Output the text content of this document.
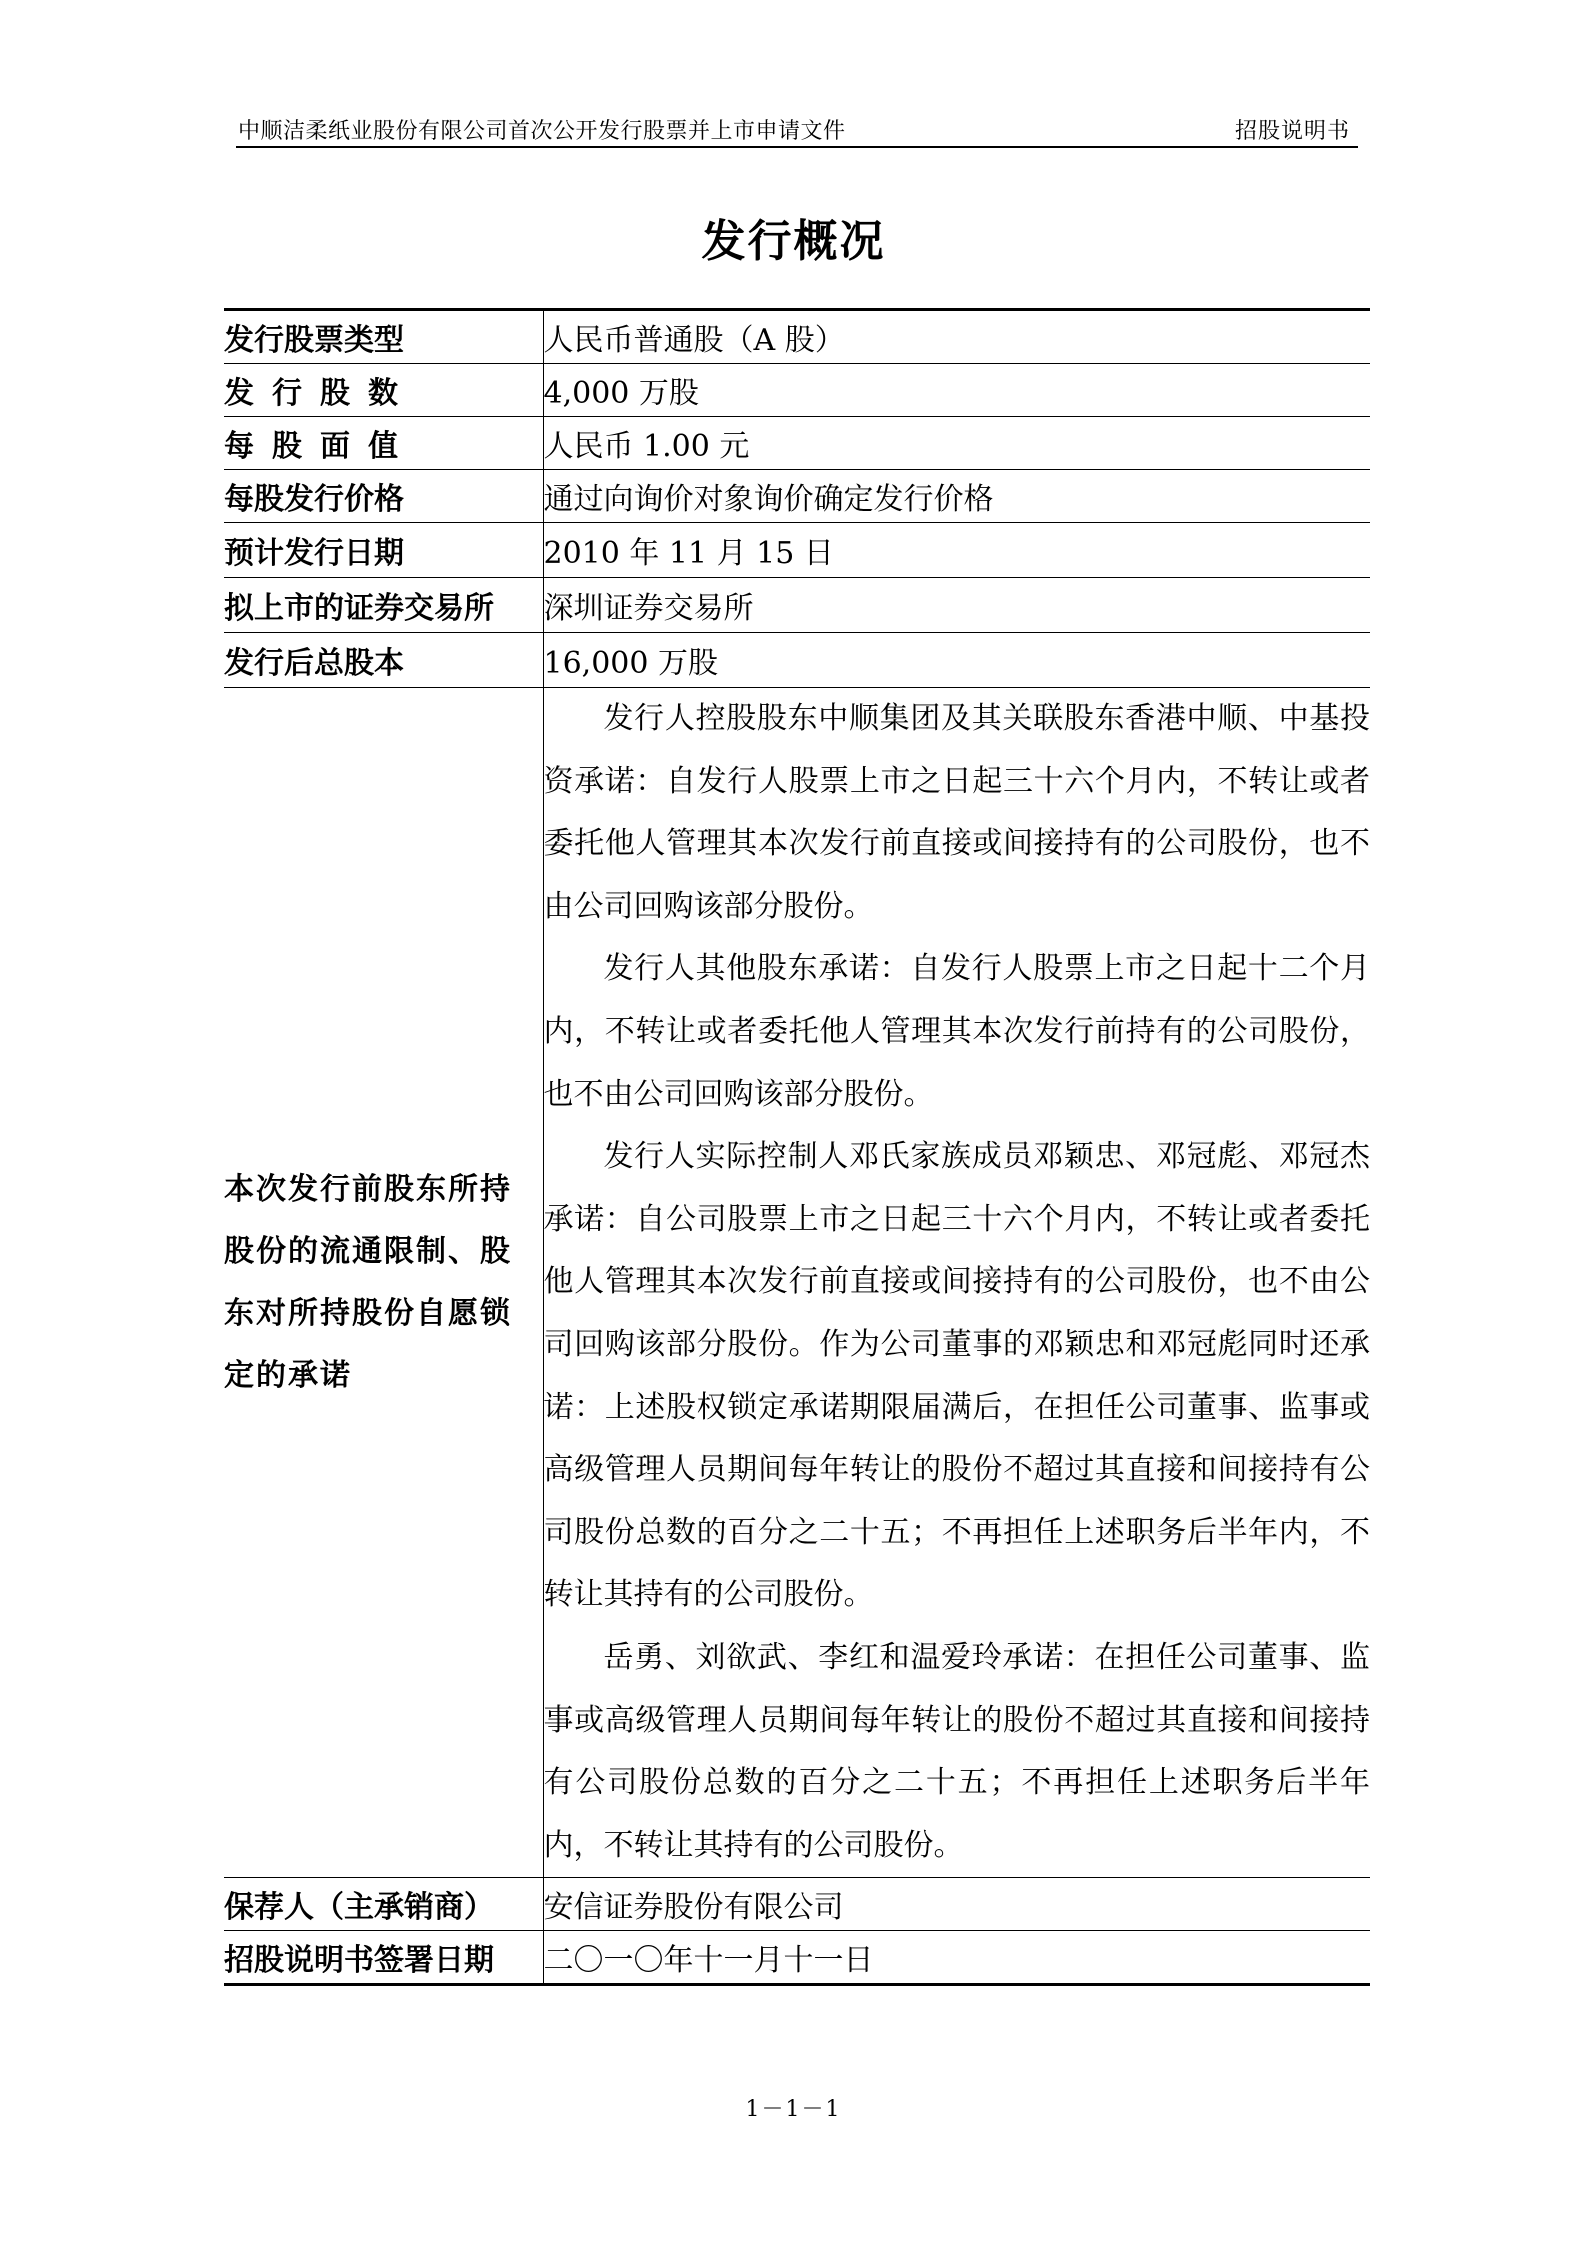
中顺洁柔纸业股份有限公司首次公开发行股票并上市申请文件	招股说明书
发行概况
发行股票类型	人民币普通股（A 股）
发行股数	4,000 万股
每股面值	人民币 1.00 元
每股发行价格	通过向询价对象询价确定发行价格
预计发行日期	2010 年 11 月 15 日
拟上市的证券交易所	深圳证券交易所
发行后总股本	16,000 万股
本次发行前股东所持股份的流通限制、股东对所持股份自愿锁定的承诺	发行人控股股东中顺集团及其关联股东香港中顺、中基投资承诺：自发行人股票上市之日起三十六个月内，不转让或者委托他人管理其本次发行前直接或间接持有的公司股份，也不由公司回购该部分股份。

发行人其他股东承诺：自发行人股票上市之日起十二个月内，不转让或者委托他人管理其本次发行前持有的公司股份，也不由公司回购该部分股份。

发行人实际控制人邓氏家族成员邓颖忠、邓冠彪、邓冠杰承诺：自公司股票上市之日起三十六个月内，不转让或者委托他人管理其本次发行前直接或间接持有的公司股份，也不由公司回购该部分股份。作为公司董事的邓颖忠和邓冠彪同时还承诺：上述股权锁定承诺期限届满后，在担任公司董事、监事或高级管理人员期间每年转让的股份不超过其直接和间接持有公司股份总数的百分之二十五；不再担任上述职务后半年内，不转让其持有的公司股份。

岳勇、刘欲武、李红和温爱玲承诺：在担任公司董事、监事或高级管理人员期间每年转让的股份不超过其直接和间接持有公司股份总数的百分之二十五；不再担任上述职务后半年内，不转让其持有的公司股份。

保荐人（主承销商）	安信证券股份有限公司
招股说明书签署日期	二〇一〇年十一月十一日
1－1－1
